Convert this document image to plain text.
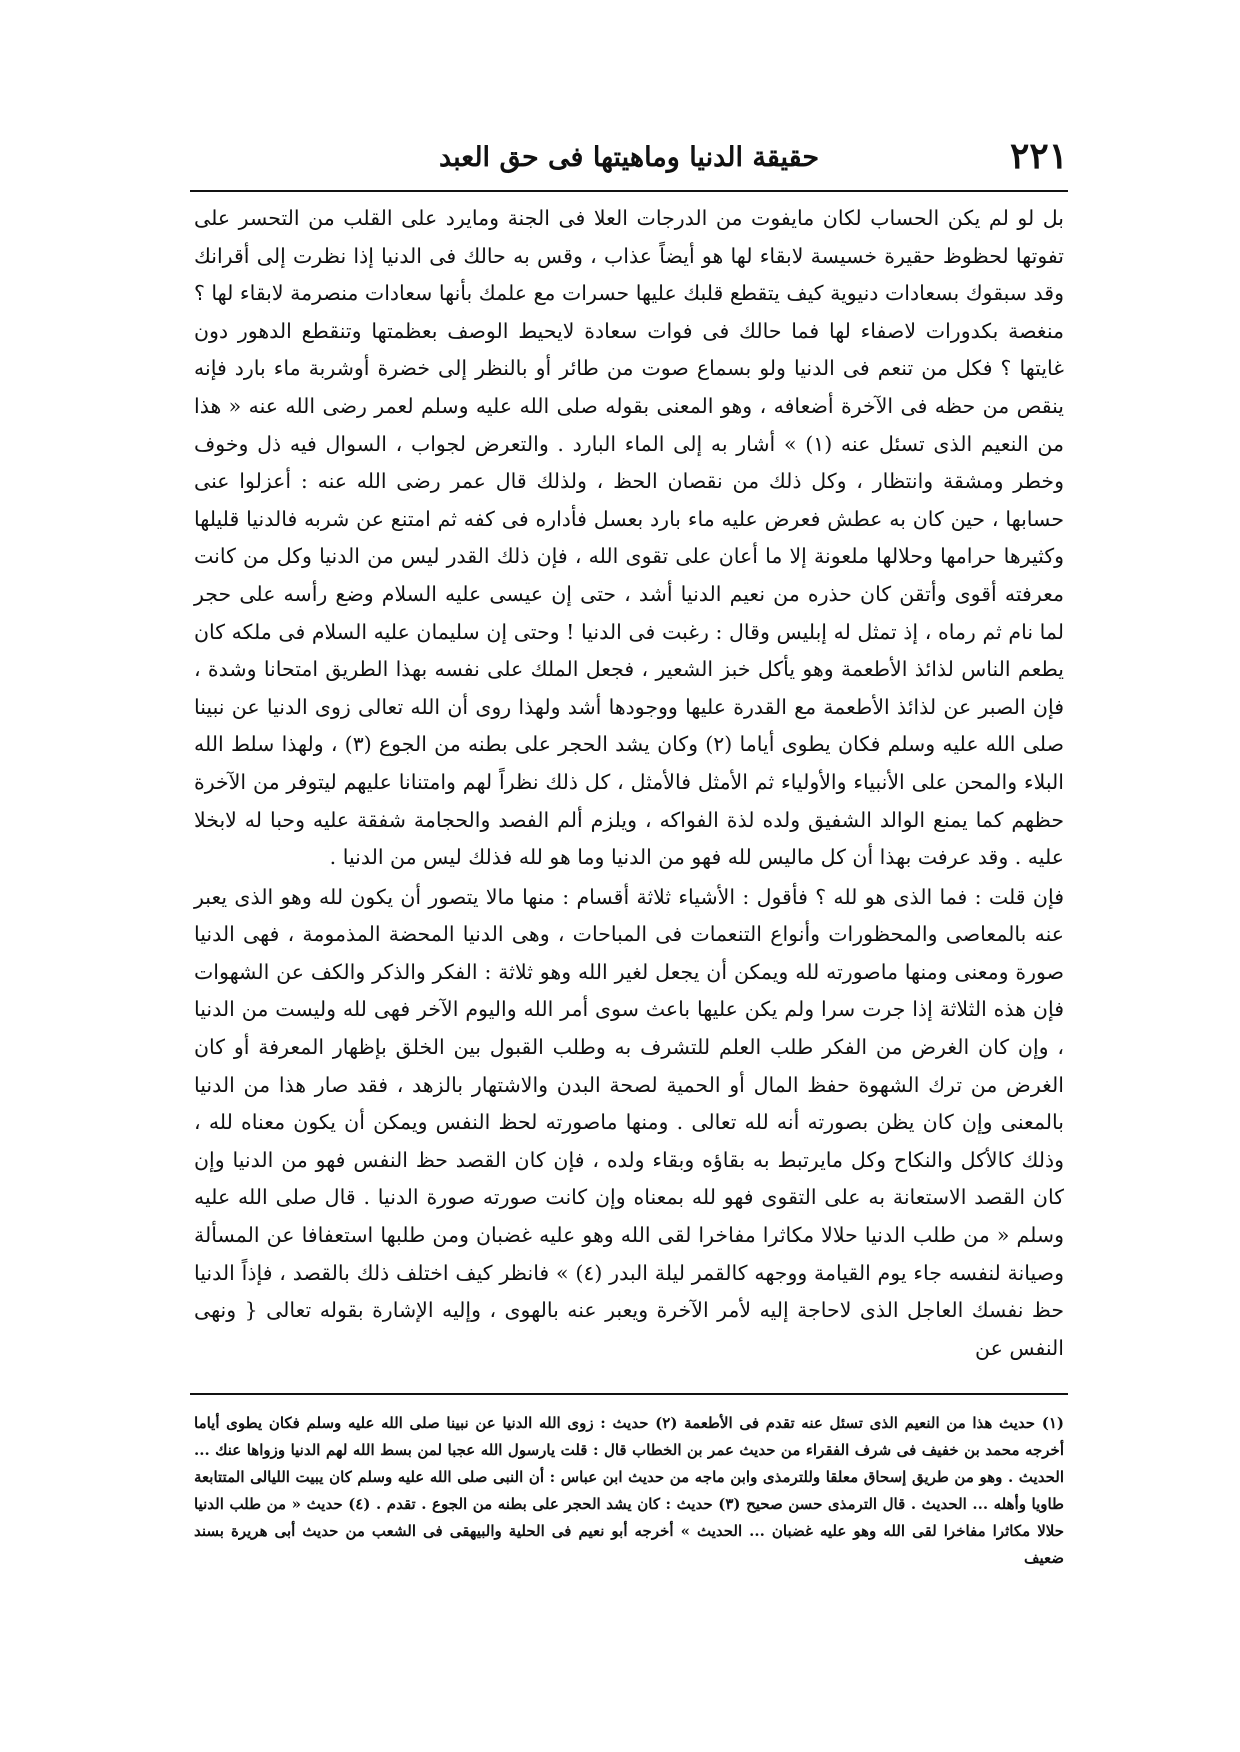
٢٢١
حقيقة الدنيا وماهيتها فى حق العبد

بل لو لم يكن الحساب لكان مايفوت من الدرجات العلا فى الجنة ومايرد على القلب من التحسر على تفوتها لحظوظ حقيرة خسيسة لابقاء لها هو أيضاً عذاب ، وقس به حالك فى الدنيا إذا نظرت إلى أقرانك وقد سبقوك بسعادات دنيوية كيف يتقطع قلبك عليها حسرات مع علمك بأنها سعادات منصرمة لابقاء لها ؟ منغصة بكدورات لاصفاء لها فما حالك فى فوات سعادة لايحيط الوصف بعظمتها وتنقطع الدهور دون غايتها ؟ فكل من تنعم فى الدنيا ولو بسماع صوت من طائر أو بالنظر إلى خضرة أوشربة ماء بارد فإنه ينقص من حظه فى الآخرة أضعافه ، وهو المعنى بقوله صلى الله عليه وسلم لعمر رضى الله عنه « هذا من النعيم الذى تسئل عنه (١) » أشار به إلى الماء البارد . والتعرض لجواب ، السوال فيه ذل وخوف وخطر ومشقة وانتظار ، وكل ذلك من نقصان الحظ ، ولذلك قال عمر رضى الله عنه : أعزلوا عنى حسابها ، حين كان به عطش فعرض عليه ماء بارد بعسل فأداره فى كفه ثم امتنع عن شربه فالدنيا قليلها وكثيرها حرامها وحلالها ملعونة إلا ما أعان على تقوى الله ، فإن ذلك القدر ليس من الدنيا وكل من كانت معرفته أقوى وأتقن كان حذره من نعيم الدنيا أشد ، حتى إن عيسى عليه السلام وضع رأسه على حجر لما نام ثم رماه ، إذ تمثل له إبليس وقال : رغبت فى الدنيا ! وحتى إن سليمان عليه السلام فى ملكه كان يطعم الناس لذائذ الأطعمة وهو يأكل خبز الشعير ، فجعل الملك على نفسه بهذا الطريق امتحانا وشدة ، فإن الصبر عن لذائذ الأطعمة مع القدرة عليها ووجودها أشد ولهذا روى أن الله تعالى زوى الدنيا عن نبينا صلى الله عليه وسلم فكان يطوى أياما (٢) وكان يشد الحجر على بطنه من الجوع (٣) ، ولهذا سلط الله البلاء والمحن على الأنبياء والأولياء ثم الأمثل فالأمثل ، كل ذلك نظراً لهم وامتنانا عليهم ليتوفر من الآخرة حظهم كما يمنع الوالد الشفيق ولده لذة الفواكه ، ويلزم ألم الفصد والحجامة شفقة عليه وحبا له لابخلا عليه . وقد عرفت بهذا أن كل ماليس لله فهو من الدنيا وما هو لله فذلك ليس من الدنيا .

فإن قلت : فما الذى هو لله ؟ فأقول : الأشياء ثلاثة أقسام : منها مالا يتصور أن يكون لله وهو الذى يعبر عنه بالمعاصى والمحظورات وأنواع التنعمات فى المباحات ، وهى الدنيا المحضة المذمومة ، فهى الدنيا صورة ومعنى ومنها ماصورته لله ويمكن أن يجعل لغير الله وهو ثلاثة : الفكر والذكر والكف عن الشهوات فإن هذه الثلاثة إذا جرت سرا ولم يكن عليها باعث سوى أمر الله واليوم الآخر فهى لله وليست من الدنيا ، وإن كان الغرض من الفكر طلب العلم للتشرف به وطلب القبول بين الخلق بإظهار المعرفة أو كان الغرض من ترك الشهوة حفظ المال أو الحمية لصحة البدن والاشتهار بالزهد ، فقد صار هذا من الدنيا بالمعنى وإن كان يظن بصورته أنه لله تعالى . ومنها ماصورته لحظ النفس ويمكن أن يكون معناه لله ، وذلك كالأكل والنكاح وكل مايرتبط به بقاؤه وبقاء ولده ، فإن كان القصد حظ النفس فهو من الدنيا وإن كان القصد الاستعانة به على التقوى فهو لله بمعناه وإن كانت صورته صورة الدنيا . قال صلى الله عليه وسلم « من طلب الدنيا حلالا مكاثرا مفاخرا لقى الله وهو عليه غضبان ومن طلبها استعفافا عن المسألة وصيانة لنفسه جاء يوم القيامة ووجهه كالقمر ليلة البدر (٤) » فانظر كيف اختلف ذلك بالقصد ، فإذاً الدنيا حظ نفسك العاجل الذى لاحاجة إليه لأمر الآخرة ويعبر عنه بالهوى ، وإليه الإشارة بقوله تعالى { ونهى النفس عن

(١) حديث هذا من النعيم الذى تسئل عنه تقدم فى الأطعمة (٢) حديث : زوى الله الدنيا عن نبينا صلى الله عليه وسلم فكان يطوى أياما أخرجه محمد بن خفيف فى شرف الفقراء من حديث عمر بن الخطاب قال : قلت يارسول الله عجبا لمن بسط الله لهم الدنيا وزواها عنك ... الحديث . وهو من طريق إسحاق معلقا وللترمذى وابن ماجه من حديث ابن عباس : أن النبى صلى الله عليه وسلم كان يبيت الليالى المتتابعة طاويا وأهله ... الحديث . قال الترمذى حسن صحيح (٣) حديث : كان يشد الحجر على بطنه من الجوع . تقدم . (٤) حديث « من طلب الدنيا حلالا مكاثرا مفاخرا لقى الله وهو عليه غضبان ... الحديث » أخرجه أبو نعيم فى الحلية والبيهقى فى الشعب من حديث أبى هريرة بسند ضعيف
